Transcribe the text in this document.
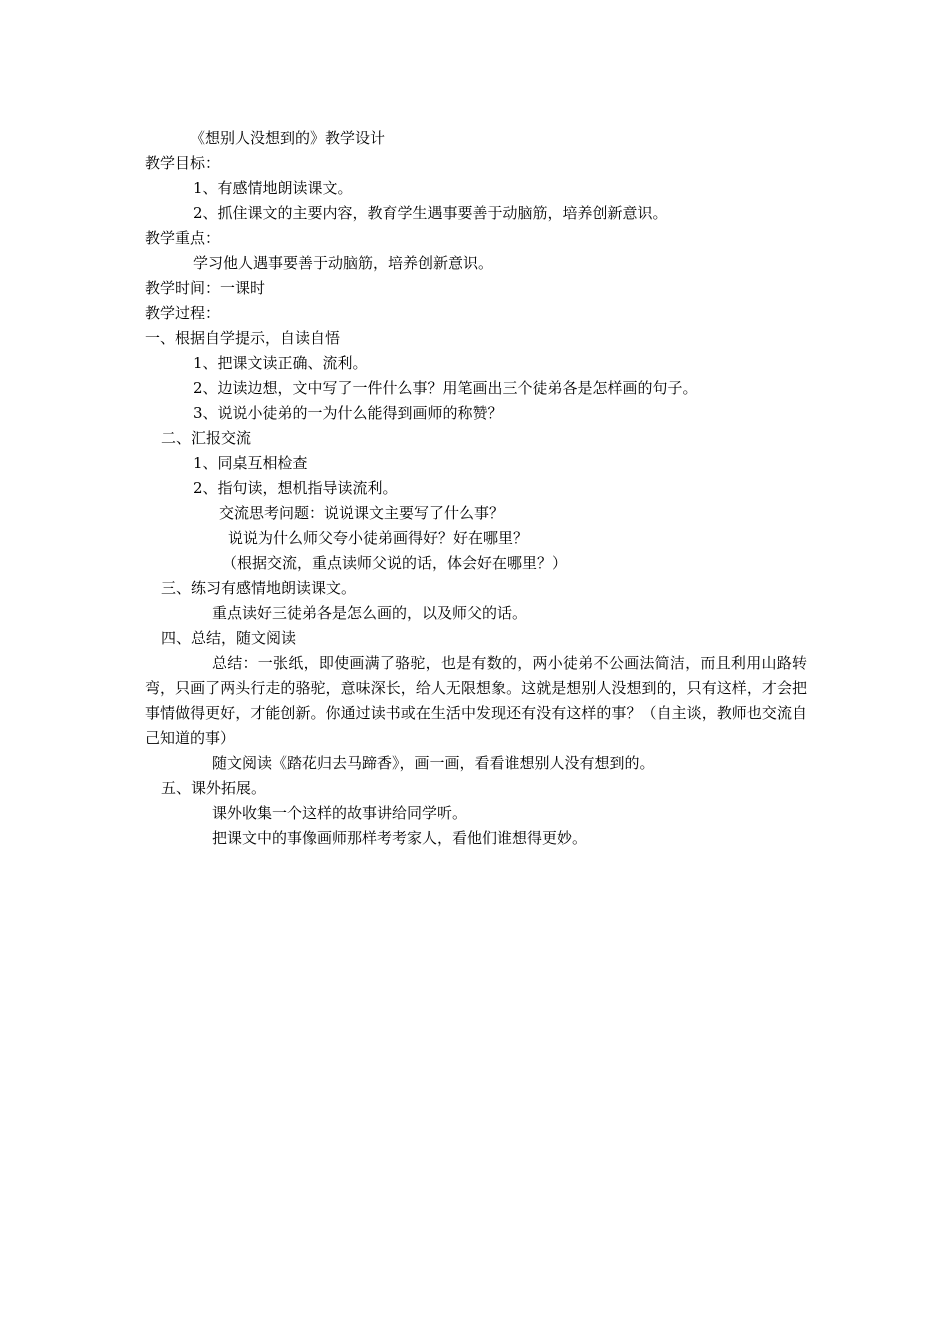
《想别人没想到的》教学设计
教学目标：
1、有感情地朗读课文。
2、抓住课文的主要内容，教育学生遇事要善于动脑筋，培养创新意识。
教学重点：
学习他人遇事要善于动脑筋，培养创新意识。
教学时间：一课时
教学过程：
一、根据自学提示，自读自悟
1、把课文读正确、流利。
2、边读边想，文中写了一件什么事？用笔画出三个徒弟各是怎样画的句子。
3、说说小徒弟的一为什么能得到画师的称赞？
二、汇报交流
1、同桌互相检查
2、指句读，想机指导读流利。
交流思考问题：说说课文主要写了什么事？
说说为什么师父夸小徒弟画得好？好在哪里？
（根据交流，重点读师父说的话，体会好在哪里？）
三、练习有感情地朗读课文。
重点读好三徒弟各是怎么画的，以及师父的话。
四、总结，随文阅读
总结：一张纸，即使画满了骆驼，也是有数的，两小徒弟不公画法简洁，而且利用山路转弯，只画了两头行走的骆驼，意味深长，给人无限想象。这就是想别人没想到的，只有这样，才会把事情做得更好，才能创新。你通过读书或在生活中发现还有没有这样的事？（自主谈，教师也交流自己知道的事）
随文阅读《踏花归去马蹄香》，画一画，看看谁想别人没有想到的。
五、课外拓展。
课外收集一个这样的故事讲给同学听。
把课文中的事像画师那样考考家人，看他们谁想得更妙。
